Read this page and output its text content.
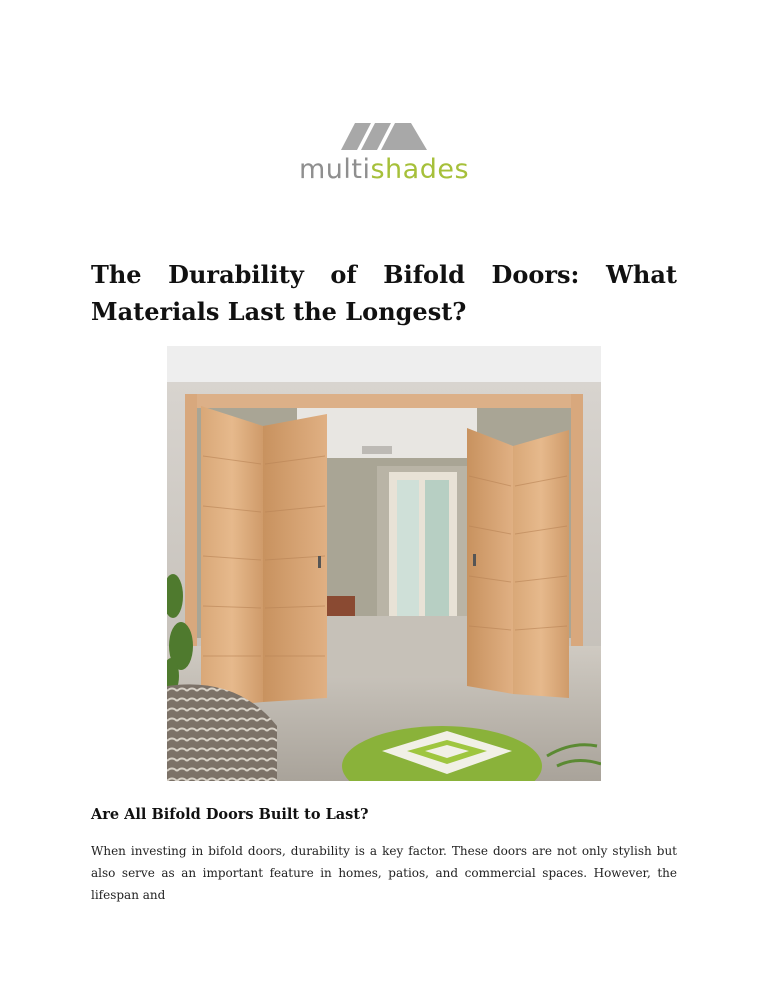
multishades
The Durability of Bifold Doors: What Materials Last the Longest?
Are All Bifold Doors Built to Last?

When investing in bifold doors, durability is a key factor. These doors are not only stylish but also serve as an important feature in homes, patios, and commercial spaces. However, the lifespan and
